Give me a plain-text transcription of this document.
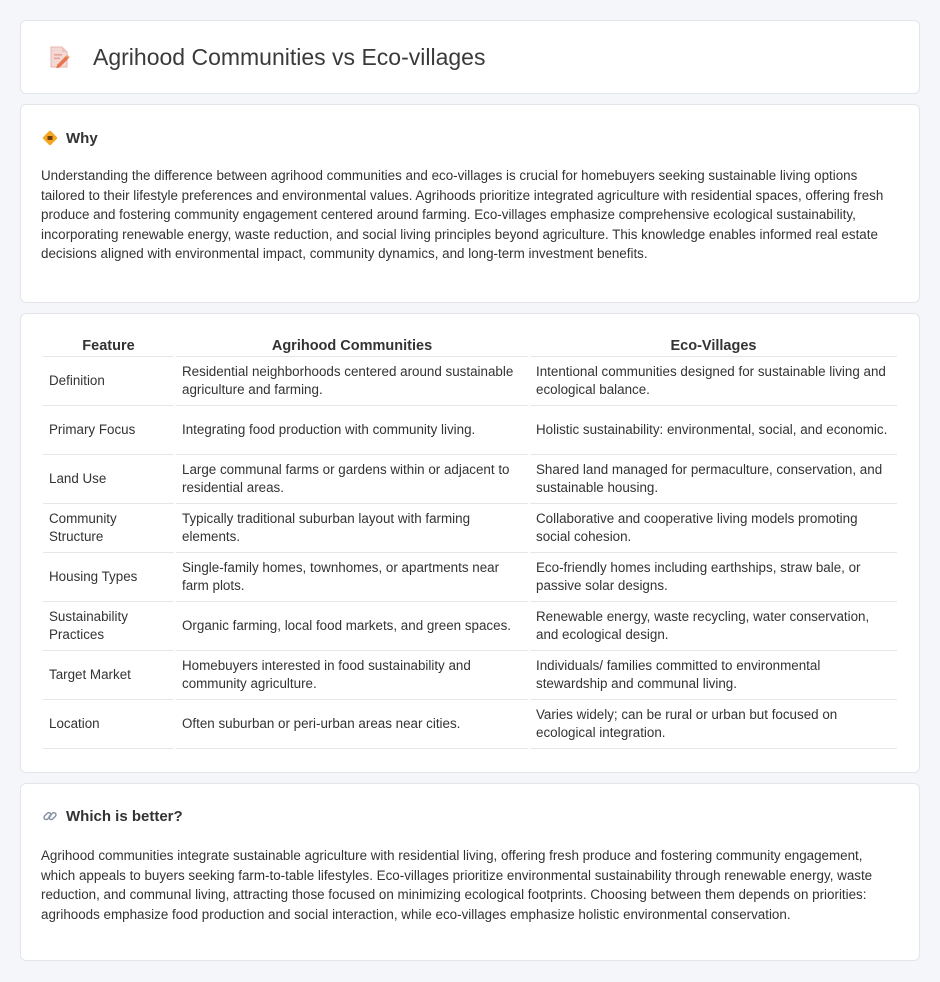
Agrihood Communities vs Eco-villages
Why

Understanding the difference between agrihood communities and eco-villages is crucial for homebuyers seeking sustainable living options tailored to their lifestyle preferences and environmental values. Agrihoods prioritize integrated agriculture with residential spaces, offering fresh produce and fostering community engagement centered around farming. Eco-villages emphasize comprehensive ecological sustainability, incorporating renewable energy, waste reduction, and social living principles beyond agriculture. This knowledge enables informed real estate decisions aligned with environmental impact, community dynamics, and long-term investment benefits.

Feature	Agrihood Communities	Eco-Villages
Definition	Residential neighborhoods centered around sustainable agriculture and farming.	Intentional communities designed for sustainable living and ecological balance.
Primary Focus	Integrating food production with community living.	Holistic sustainability: environmental, social, and economic.
Land Use	Large communal farms or gardens within or adjacent to residential areas.	Shared land managed for permaculture, conservation, and sustainable housing.
Community Structure	Typically traditional suburban layout with farming elements.	Collaborative and cooperative living models promoting social cohesion.
Housing Types	Single-family homes, townhomes, or apartments near farm plots.	Eco-friendly homes including earthships, straw bale, or passive solar designs.
Sustainability Practices	Organic farming, local food markets, and green spaces.	Renewable energy, waste recycling, water conservation, and ecological design.
Target Market	Homebuyers interested in food sustainability and community agriculture.	Individuals/ families committed to environmental stewardship and communal living.
Location	Often suburban or peri-urban areas near cities.	Varies widely; can be rural or urban but focused on ecological integration.
Which is better?

Agrihood communities integrate sustainable agriculture with residential living, offering fresh produce and fostering community engagement, which appeals to buyers seeking farm-to-table lifestyles. Eco-villages prioritize environmental sustainability through renewable energy, waste reduction, and communal living, attracting those focused on minimizing ecological footprints. Choosing between them depends on priorities: agrihoods emphasize food production and social interaction, while eco-villages emphasize holistic environmental conservation.
